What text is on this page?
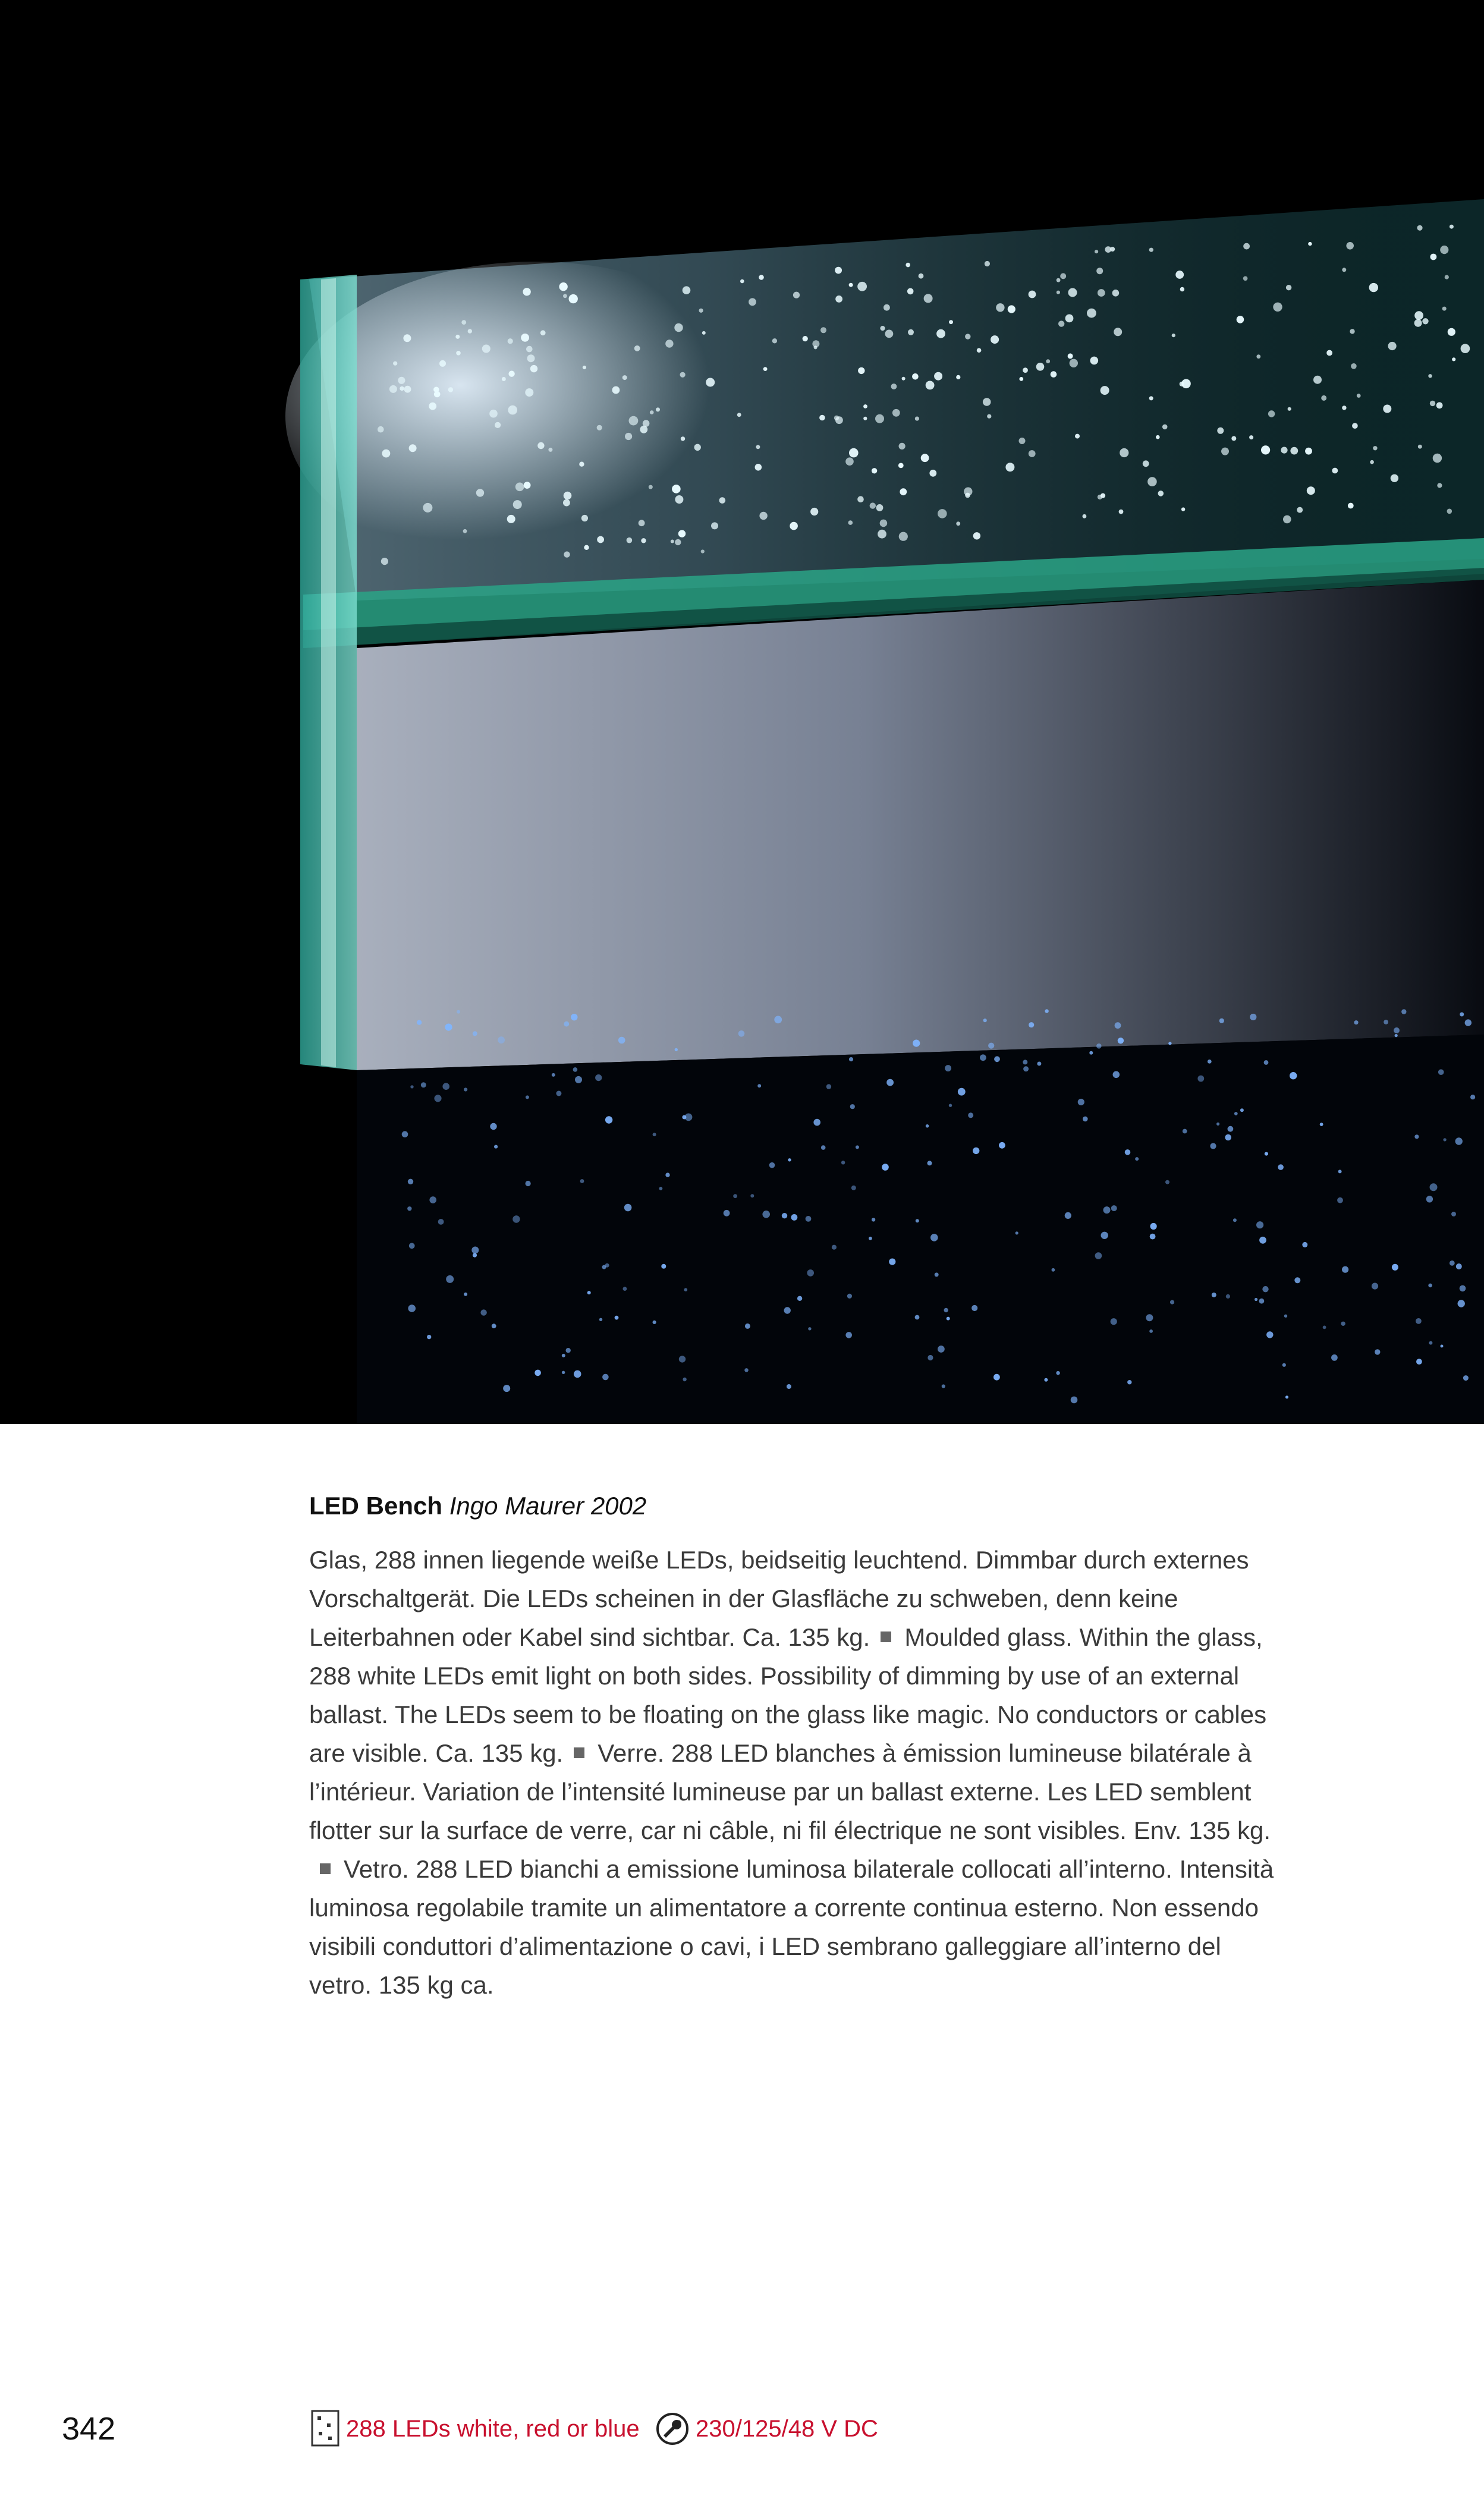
LED Bench Ingo Maurer 2002

Glas, 288 innen liegende weiße LEDs, beidseitig leuchtend. Dimmbar durch externes Vorschaltgerät. Die LEDs scheinen in der Glasfläche zu schweben, denn keine Leiterbahnen oder Kabel sind sichtbar. Ca. 135 kg. Moulded glass. Within the glass, 288 white LEDs emit light on both sides. Possibility of dimming by use of an external ballast. The LEDs seem to be floating on the glass like magic. No conductors or cables are visible. Ca. 135 kg. Verre. 288 LED blanches à émission lumineuse bilatérale à l’intérieur. Variation de l’intensité lumineuse par un ballast externe. Les LED semblent flotter sur la surface de verre, car ni câble, ni fil électrique ne sont visibles. Env. 135 kg.Vetro. 288 LED bianchi a emissione luminosa bilaterale collocati all’interno. Intensità luminosa regolabile tramite un alimentatore a corrente continua esterno. Non essendo visibili conduttori d’alimentazione o cavi, i LED sembrano galleggiare all’interno del vetro. 135 kg ca.

342	288 LEDs white, red or blue 230/125/48 V DC
